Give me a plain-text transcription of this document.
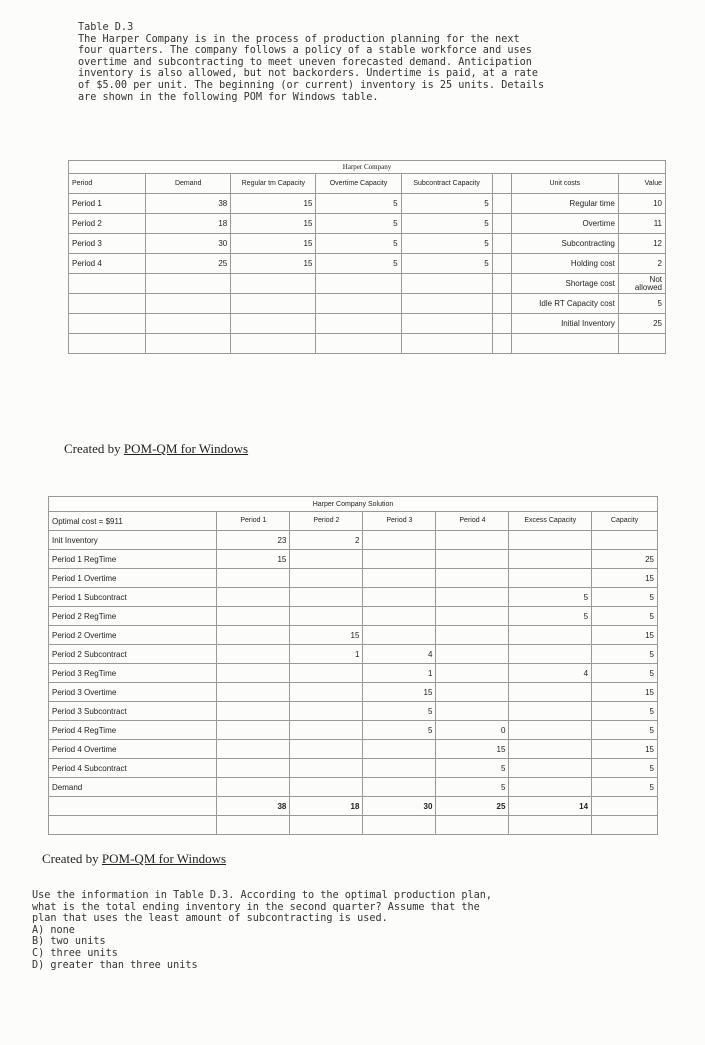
Table D.3
The Harper Company is in the process of production planning for the next
four quarters. The company follows a policy of a stable workforce and uses
overtime and subcontracting to meet uneven forecasted demand. Anticipation
inventory is also allowed, but not backorders. Undertime is paid, at a rate
of $5.00 per unit. The beginning (or current) inventory is 25 units. Details
are shown in the following POM for Windows table.
Harper Company							
Period	Demand	Regular tm Capacity	Overtime Capacity	Subcontract Capacity		Unit costs	Value
Period 1	38	15	5	5		Regular time	10
Period 2	18	15	5	5		Overtime	11
Period 3	30	15	5	5		Subcontracting	12
Period 4	25	15	5	5		Holding cost	2
						Shortage cost	Not allowed
						Idle RT Capacity cost	5
						Initial Inventory	25

Created by POM-QM for Windows
Harper Company Solution						
Optimal cost = $911	Period 1	Period 2	Period 3	Period 4	Excess Capacity	Capacity
Init Inventory	23	2				
Period 1 RegTime	15					25
Period 1 Overtime						15
Period 1 Subcontract					5	5
Period 2 RegTime					5	5
Period 2 Overtime		15				15
Period 2 Subcontract		1	4			5
Period 3 RegTime			1		4	5
Period 3 Overtime			15			15
Period 3 Subcontract			5			5
Period 4 RegTime			5	0		5
Period 4 Overtime				15		15
Period 4 Subcontract				5		5
Demand				5		5
	38	18	30	25	14	

Created by POM-QM for Windows
Use the information in Table D.3. According to the optimal production plan,
what is the total ending inventory in the second quarter? Assume that the
plan that uses the least amount of subcontracting is used.
A) none
B) two units
C) three units
D) greater than three units
